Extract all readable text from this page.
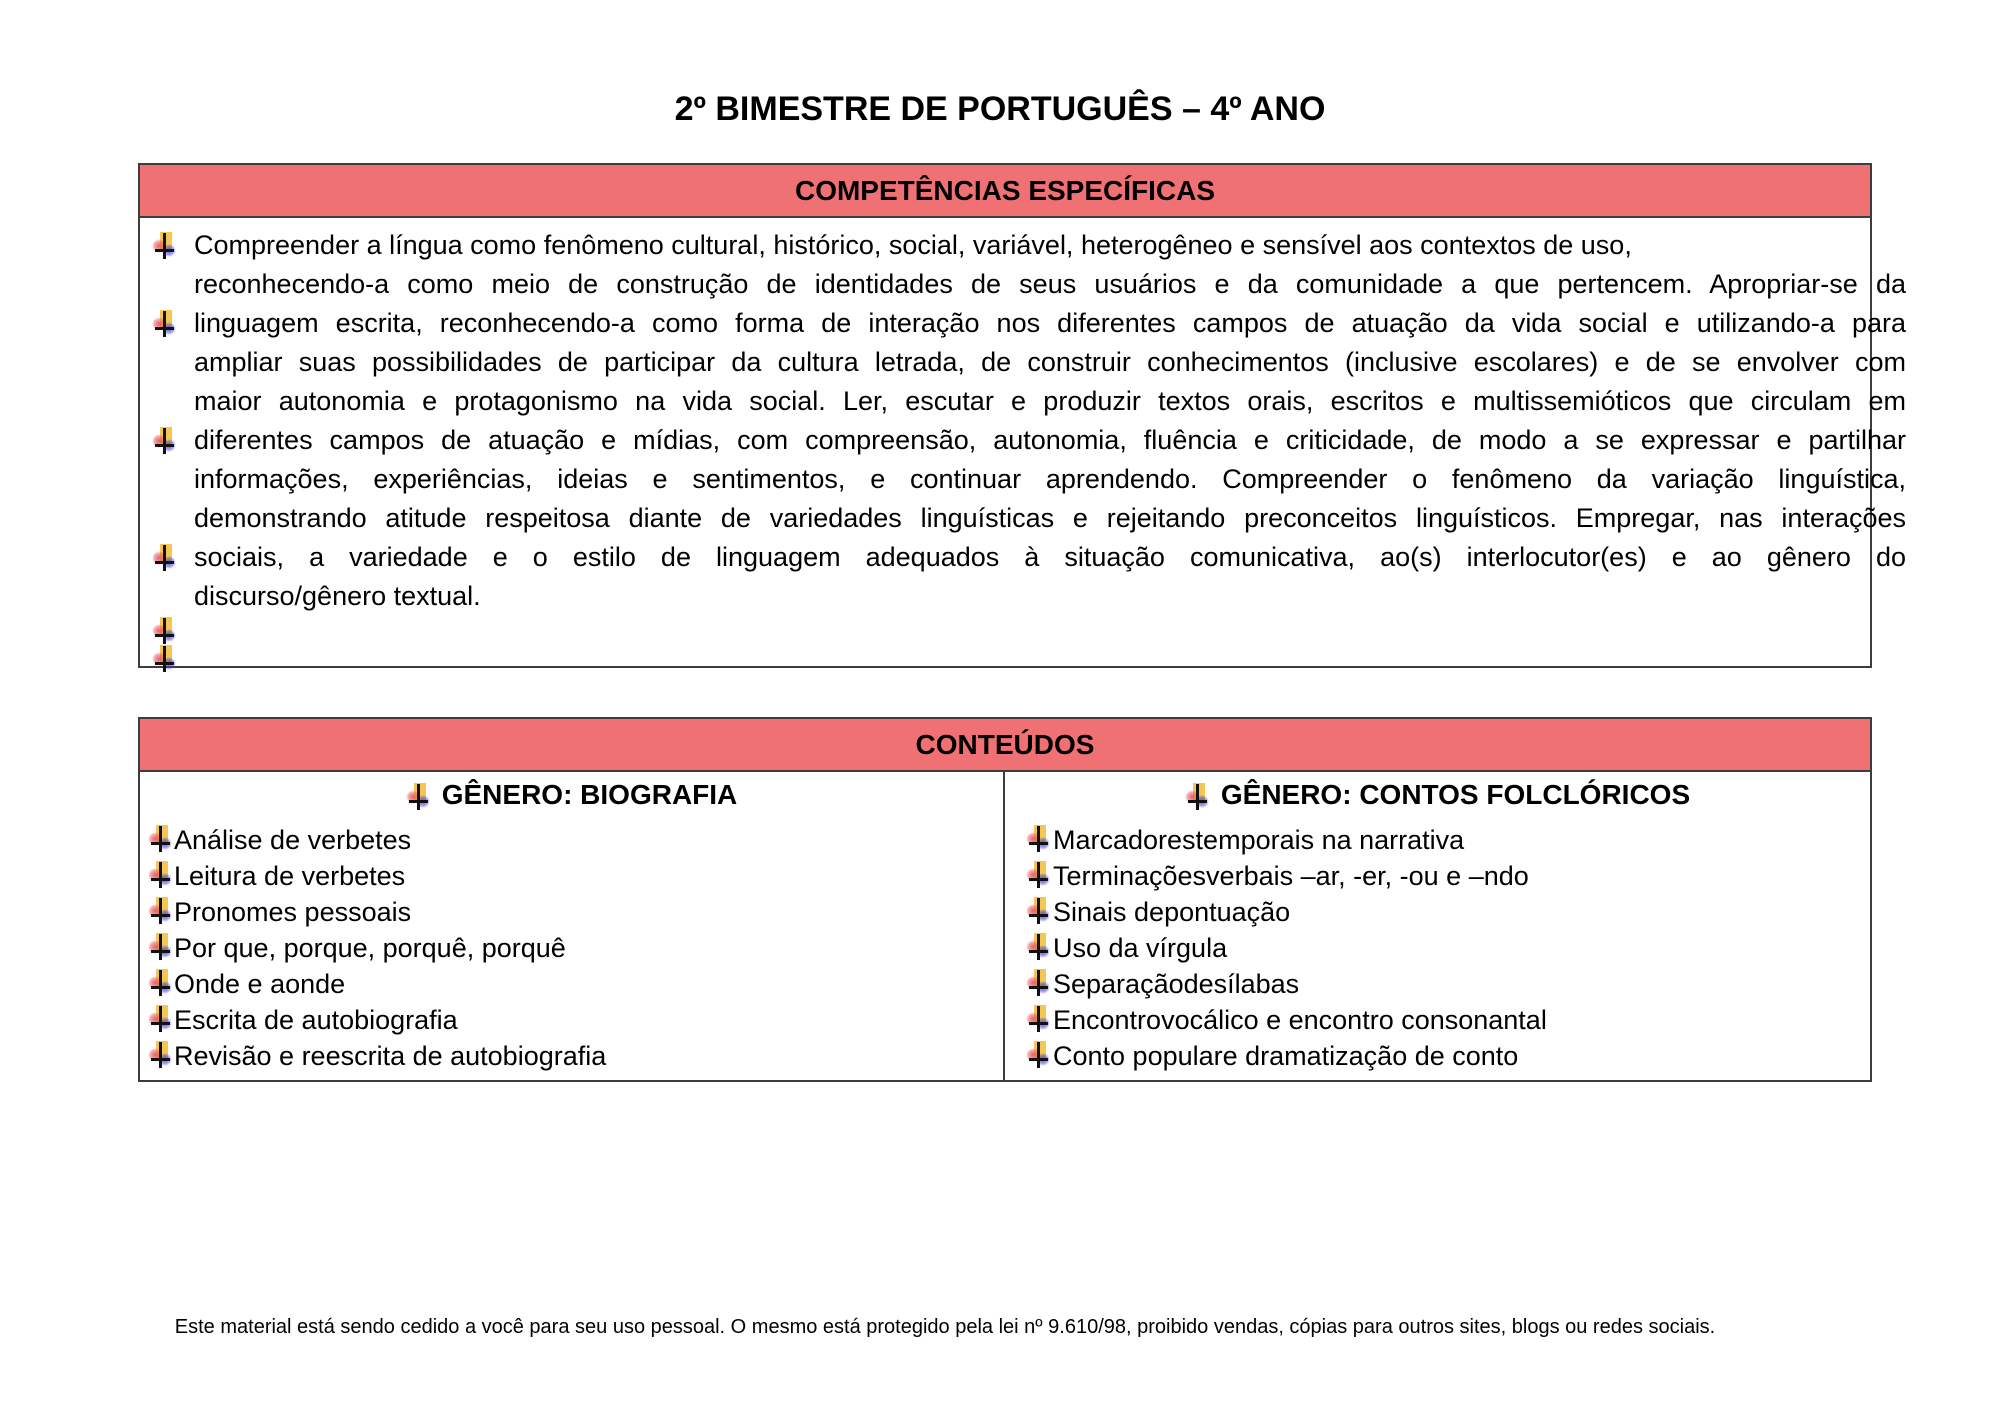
2º BIMESTRE DE PORTUGUÊS – 4º ANO
COMPETÊNCIAS ESPECÍFICAS
Compreender a língua como fenômeno cultural, histórico, social, variável, heterogêneo e sensível aos contextos de uso,
reconhecendo-a como meio de construção de identidades de seus usuários e da comunidade a que pertencem. Apropriar-se da
linguagem escrita, reconhecendo-a como forma de interação nos diferentes campos de atuação da vida social e utilizando-a para
ampliar suas possibilidades de participar da cultura letrada, de construir conhecimentos (inclusive escolares) e de se envolver com
maior autonomia e protagonismo na vida social. Ler, escutar e produzir textos orais, escritos e multissemióticos que circulam em
diferentes campos de atuação e mídias, com compreensão, autonomia, fluência e criticidade, de modo a se expressar e partilhar
informações, experiências, ideias e sentimentos, e continuar aprendendo. Compreender o fenômeno da variação linguística,
demonstrando atitude respeitosa diante de variedades linguísticas e rejeitando preconceitos linguísticos. Empregar, nas interações
sociais, a variedade e o estilo de linguagem adequados à situação comunicativa, ao(s) interlocutor(es) e ao gênero do
discurso/gênero textual.
CONTEÚDOS
GÊNERO: BIOGRAFIA
Análise de verbetes
Leitura de verbetes
Pronomes pessoais
Por que, porque, porquê, porquê
Onde e aonde
Escrita de autobiografia
Revisão e reescrita de autobiografia
GÊNERO: CONTOS FOLCLÓRICOS
Marcadorestemporais na narrativa
Terminaçõesverbais –ar, -er, -ou e –ndo
Sinais depontuação
Uso da vírgula
Separaçãodesílabas
Encontrovocálico e encontro consonantal
Conto populare dramatização de conto
Este material está sendo cedido a você para seu uso pessoal. O mesmo está protegido pela lei nº 9.610/98, proibido vendas, cópias para outros sites, blogs ou redes sociais.
